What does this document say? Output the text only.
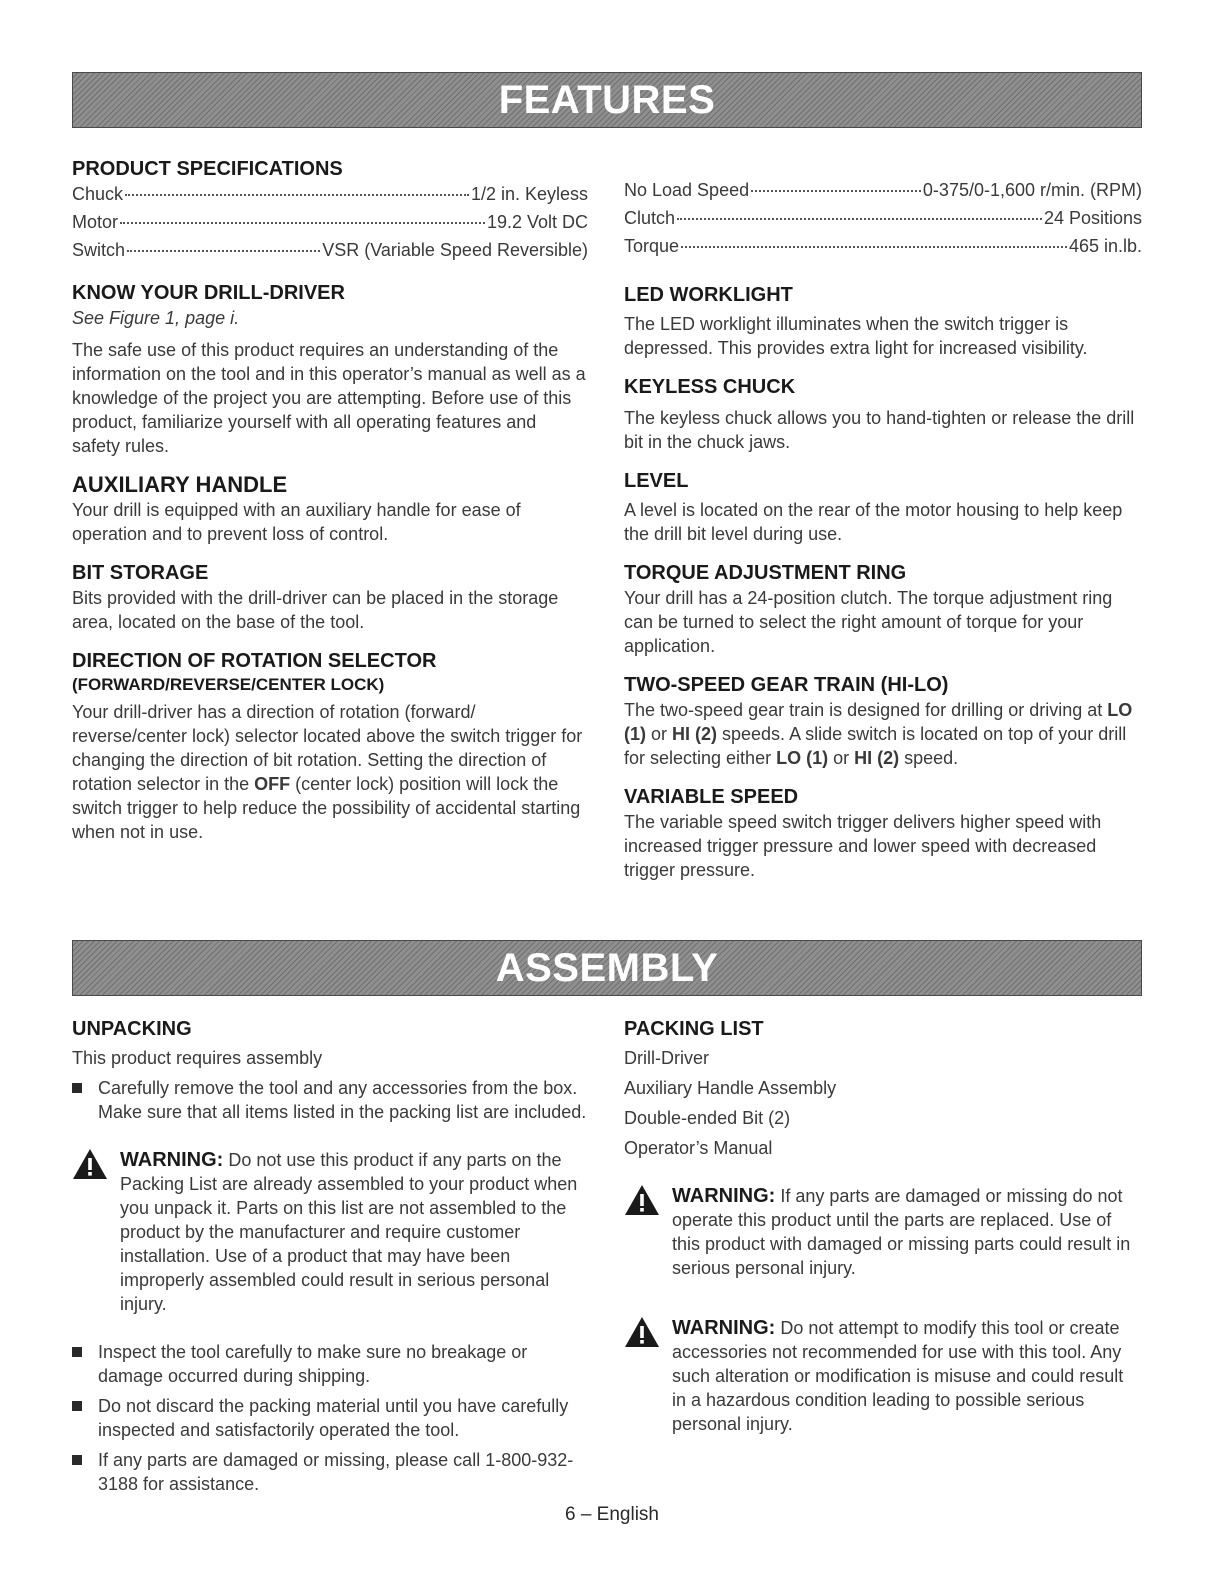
FEATURES
PRODUCT SPECIFICATIONS
Chuck	1/2 in. Keyless
Motor	19.2 Volt DC
Switch	VSR (Variable Speed Reversible)
KNOW YOUR DRILL-DRIVER

See Figure 1, page i.

The safe use of this product requires an understanding of the information on the tool and in this operator’s manual as well as a knowledge of the project you are attempting. Before use of this product, familiarize yourself with all operating features and safety rules.

AUXILIARY HANDLE

Your drill is equipped with an auxiliary handle for ease of operation and to prevent loss of control.

BIT STORAGE

Bits provided with the drill-driver can be placed in the storage area, located on the base of the tool.

DIRECTION OF ROTATION SELECTOR
(FORWARD/REVERSE/CENTER LOCK)

Your drill-driver has a direction of rotation (forward/ reverse/center lock) selector located above the switch trigger for changing the direction of bit rotation. Setting the direction of rotation selector in the OFF (center lock) position will lock the switch trigger to help reduce the possibility of accidental starting when not in use.

No Load Speed	0-375/0-1,600 r/min. (RPM)
Clutch	24 Positions
Torque	465 in.lb.
LED WORKLIGHT

The LED worklight illuminates when the switch trigger is depressed. This provides extra light for increased visibility.

KEYLESS CHUCK

The keyless chuck allows you to hand-tighten or release the drill bit in the chuck jaws.

LEVEL

A level is located on the rear of the motor housing to help keep the drill bit level during use.

TORQUE ADJUSTMENT RING

Your drill has a 24-position clutch. The torque adjustment ring can be turned to select the right amount of torque for your application.

TWO-SPEED GEAR TRAIN (HI-LO)

The two-speed gear train is designed for drilling or driving at LO (1) or HI (2) speeds. A slide switch is located on top of your drill for selecting either LO (1) or HI (2) speed.

VARIABLE SPEED

The variable speed switch trigger delivers higher speed with increased trigger pressure and lower speed with decreased trigger pressure.

ASSEMBLY
UNPACKING

This product requires assembly

Carefully remove the tool and any accessories from the box. Make sure that all items listed in the packing list are included.

WARNING: Do not use this product if any parts on the Packing List are already assembled to your product when you unpack it. Parts on this list are not assembled to the product by the manufacturer and require customer installation. Use of a product that may have been improperly assembled could result in serious personal injury.

Inspect the tool carefully to make sure no breakage or damage occurred during shipping.
Do not discard the packing material until you have carefully inspected and satisfactorily operated the tool.
If any parts are damaged or missing, please call 1-800-932-3188 for assistance.
PACKING LIST
Drill-Driver
Auxiliary Handle Assembly
Double-ended Bit (2)
Operator’s Manual

WARNING: If any parts are damaged or missing do not operate this product until the parts are replaced. Use of this product with damaged or missing parts could result in serious personal injury.

WARNING: Do not attempt to modify this tool or create accessories not recommended for use with this tool. Any such alteration or modification is misuse and could result in a hazardous condition leading to possible serious personal injury.

6 – English
